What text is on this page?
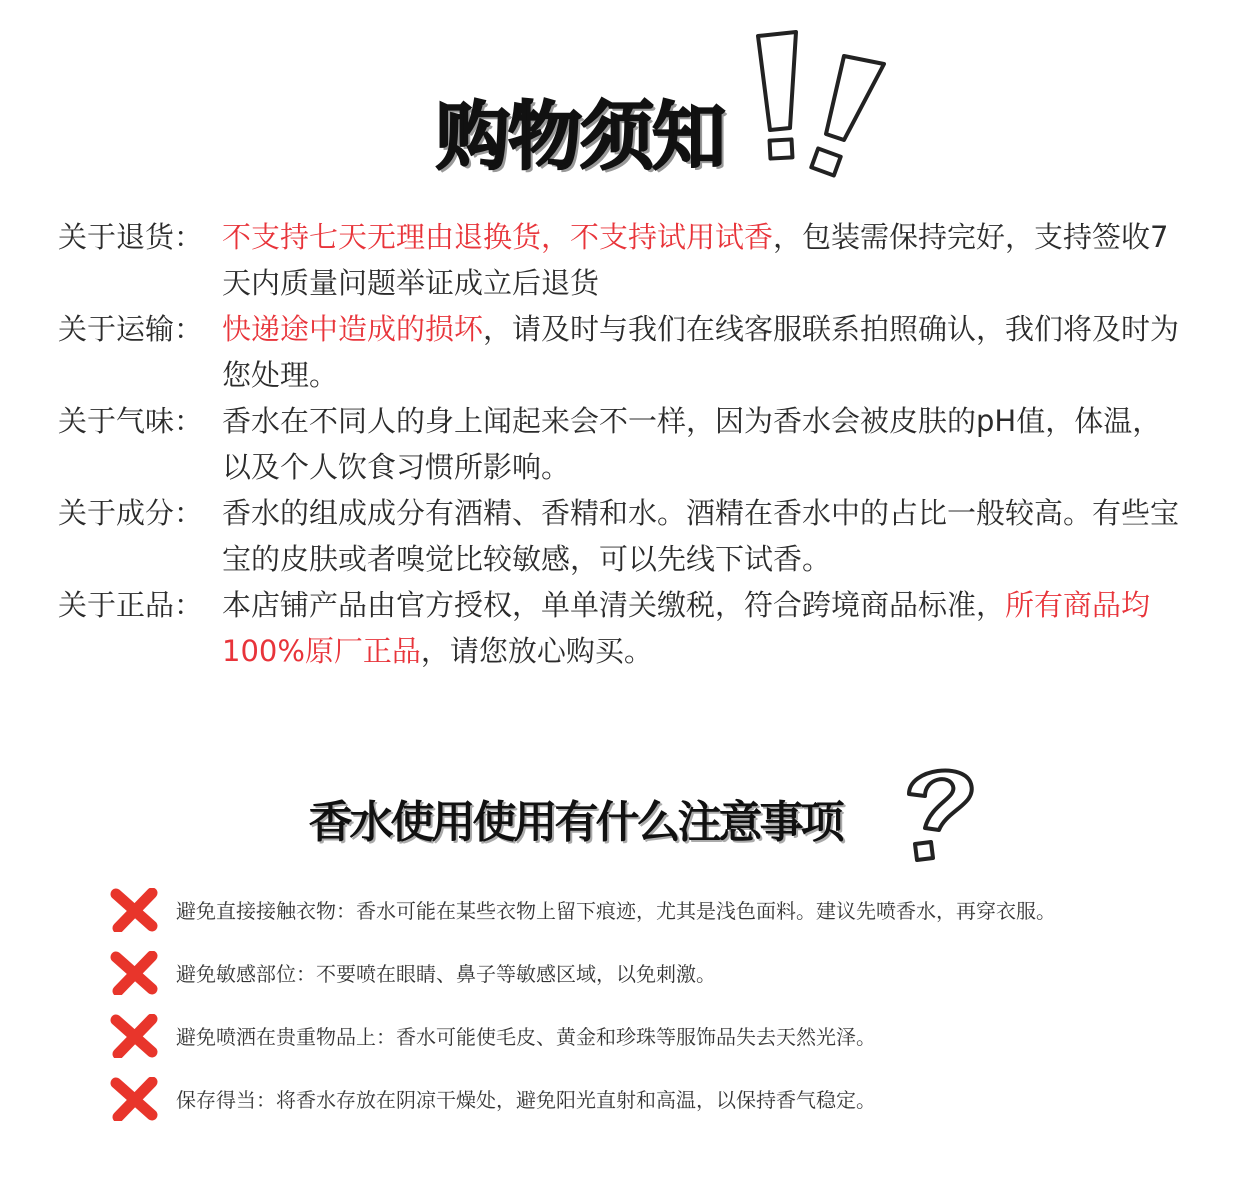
购物须知
关于退货： 不支持七天无理由退换货，不支持试用试香，包装需保持完好，支持签收7天内质量问题举证成立后退货
关于运输： 快递途中造成的损坏，请及时与我们在线客服联系拍照确认，我们将及时为您处理。
关于气味： 香水在不同人的身上闻起来会不一样，因为香水会被皮肤的pH值，体温，以及个人饮食习惯所影响。
关于成分： 香水的组成成分有酒精、香精和水。酒精在香水中的占比一般较高。有些宝宝的皮肤或者嗅觉比较敏感，可以先线下试香。
关于正品： 本店铺产品由官方授权，单单清关缴税，符合跨境商品标准，所有商品均100%原厂正品，请您放心购买。
香水使用使用有什么注意事项
避免直接接触衣物：香水可能在某些衣物上留下痕迹，尤其是浅色面料。建议先喷香水，再穿衣服。
避免敏感部位：不要喷在眼睛、鼻子等敏感区域，以免刺激。
避免喷洒在贵重物品上：香水可能使毛皮、黄金和珍珠等服饰品失去天然光泽。
保存得当：将香水存放在阴凉干燥处，避免阳光直射和高温，以保持香气稳定。
